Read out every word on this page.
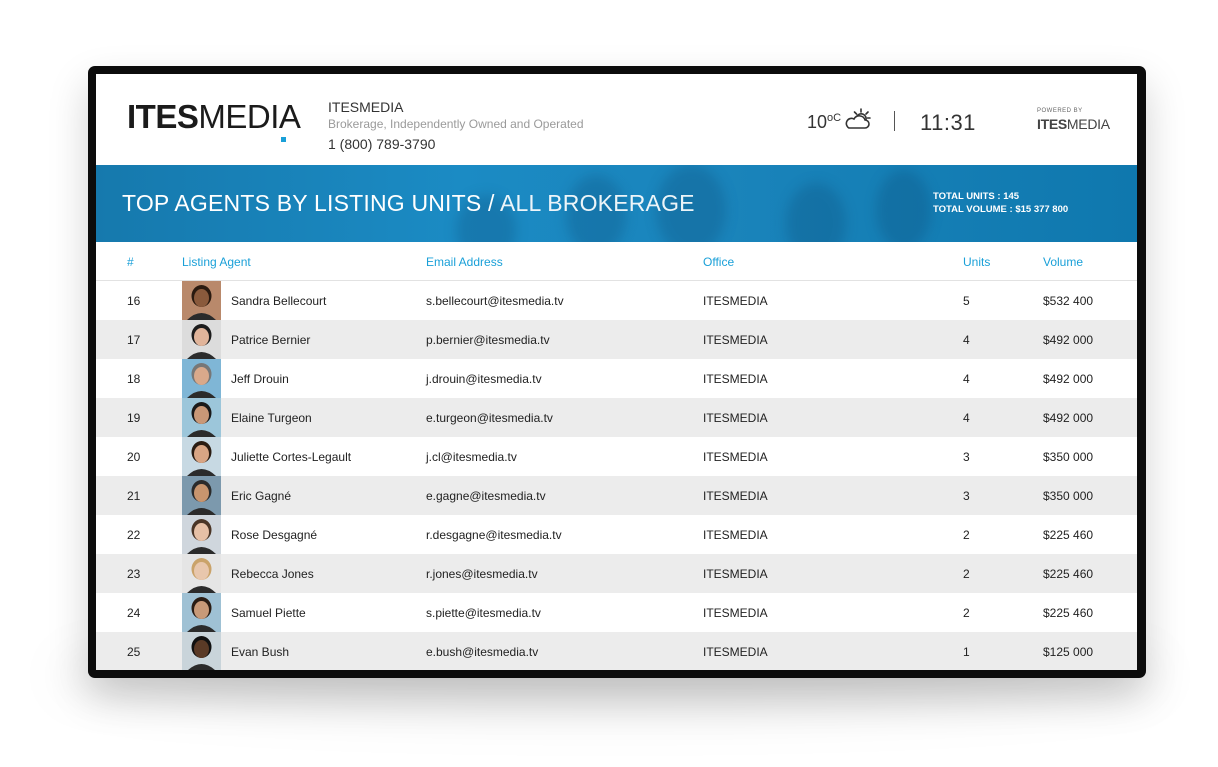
ITESMEDIA ITESMEDIA
Brokerage, Independently Owned and Operated
1 (800) 789-3790
$10^{oC}$	11:31	POWERED BY
ITESMEDIA
TOP AGENTS BY LISTING UNITS / ALL BROKERAGE	TOTAL UNITS : 145
TOTAL VOLUME : $15 377 800
#	Listing Agent	Email Address	Office	Units	Volume
16	Sandra Bellecourt	s.bellecourt@itesmedia.tv	ITESMEDIA	5	$532 400
17	Patrice Bernier	p.bernier@itesmedia.tv	ITESMEDIA	4	$492 000
18	Jeff Drouin	j.drouin@itesmedia.tv	ITESMEDIA	4	$492 000
19	Elaine Turgeon	e.turgeon@itesmedia.tv	ITESMEDIA	4	$492 000
20	Juliette Cortes-Legault	j.cl@itesmedia.tv	ITESMEDIA	3	$350 000
21	Eric Gagné	e.gagne@itesmedia.tv	ITESMEDIA	3	$350 000
22	Rose Desgagné	r.desgagne@itesmedia.tv	ITESMEDIA	2	$225 460
23	Rebecca Jones	r.jones@itesmedia.tv	ITESMEDIA	2	$225 460
24	Samuel Piette	s.piette@itesmedia.tv	ITESMEDIA	2	$225 460
25	Evan Bush	e.bush@itesmedia.tv	ITESMEDIA	1	$125 000
